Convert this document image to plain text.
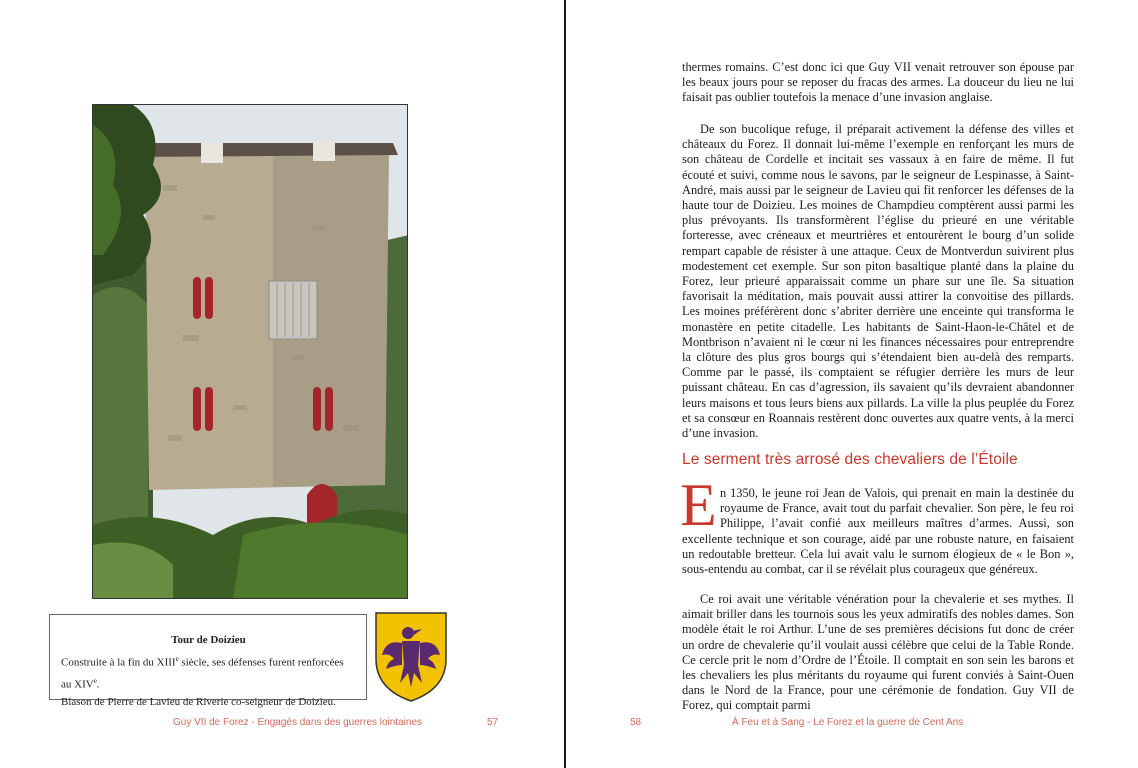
Tour de Doizieu
Construite à la fin du XIIIe siècle, ses défenses furent renforcées au XIVe.
Blason de Pierre de Lavieu de Riverie co-seigneur de Doizieu.
Guy VII de Forez - Engagés dans des guerres lointaines	57

thermes romains. C’est donc ici que Guy VII venait retrouver son épouse par les beaux jours pour se reposer du fracas des armes. La douceur du lieu ne lui faisait pas oublier toutefois la menace d’une invasion anglaise.

De son bucolique refuge, il préparait activement la défense des villes et châteaux du Forez. Il donnait lui-même l’exemple en renforçant les murs de son château de Cordelle et incitait ses vassaux à en faire de même. Il fut écouté et suivi, comme nous le savons, par le seigneur de Lespinasse, à Saint-André, mais aussi par le seigneur de Lavieu qui fit renforcer les défenses de la haute tour de Doizieu. Les moines de Champdieu comptèrent aussi parmi les plus prévoyants. Ils transformèrent l’église du prieuré en une véritable forteresse, avec créneaux et meurtrières et entourèrent le bourg d’un solide rempart capable de résister à une attaque. Ceux de Montverdun suivirent plus modestement cet exemple. Sur son piton basaltique planté dans la plaine du Forez, leur prieuré apparaissait comme un phare sur une île. Sa situation favorisait la méditation, mais pouvait aussi attirer la convoitise des pillards. Les moines préférèrent donc s’abriter derrière une enceinte qui transforma le monastère en petite citadelle. Les habitants de Saint-Haon-le-Châtel et de Montbrison n’avaient ni le cœur ni les finances nécessaires pour entreprendre la clôture des plus gros bourgs qui s’étendaient bien au-delà des remparts. Comme par le passé, ils comptaient se réfugier derrière les murs de leur puissant château. En cas d’agression, ils savaient qu’ils devraient abandonner leurs maisons et tous leurs biens aux pillards. La ville la plus peuplée du Forez et sa consœur en Roannais restèrent donc ouvertes aux quatre vents, à la merci d’une invasion.

Le serment très arrosé des chevaliers de l’Étoile
E n 1350, le jeune roi Jean de Valois, qui prenait en main la destinée du royaume de France, avait tout du parfait chevalier. Son père, le feu roi Philippe, l’avait confié aux meilleurs maîtres d’armes. Aussi, son excellente technique et son courage, aidé par une robuste nature, en faisaient un redoutable bretteur. Cela lui avait valu le surnom élogieux de « le Bon », sous-entendu au combat, car il se révélait plus courageux que généreux.

Ce roi avait une véritable vénération pour la chevalerie et ses mythes. Il aimait briller dans les tournois sous les yeux admiratifs des nobles dames. Son modèle était le roi Arthur. L’une de ses premières décisions fut donc de créer un ordre de chevalerie qu’il voulait aussi célèbre que celui de la Table Ronde. Ce cercle prit le nom d’Ordre de l’Étoile. Il comptait en son sein les barons et les chevaliers les plus méritants du royaume qui furent conviés à Saint-Ouen dans le Nord de la France, pour une cérémonie de fondation. Guy VII de Forez, qui comptait parmi

58	À Feu et à Sang - Le Forez et la guerre de Cent Ans
